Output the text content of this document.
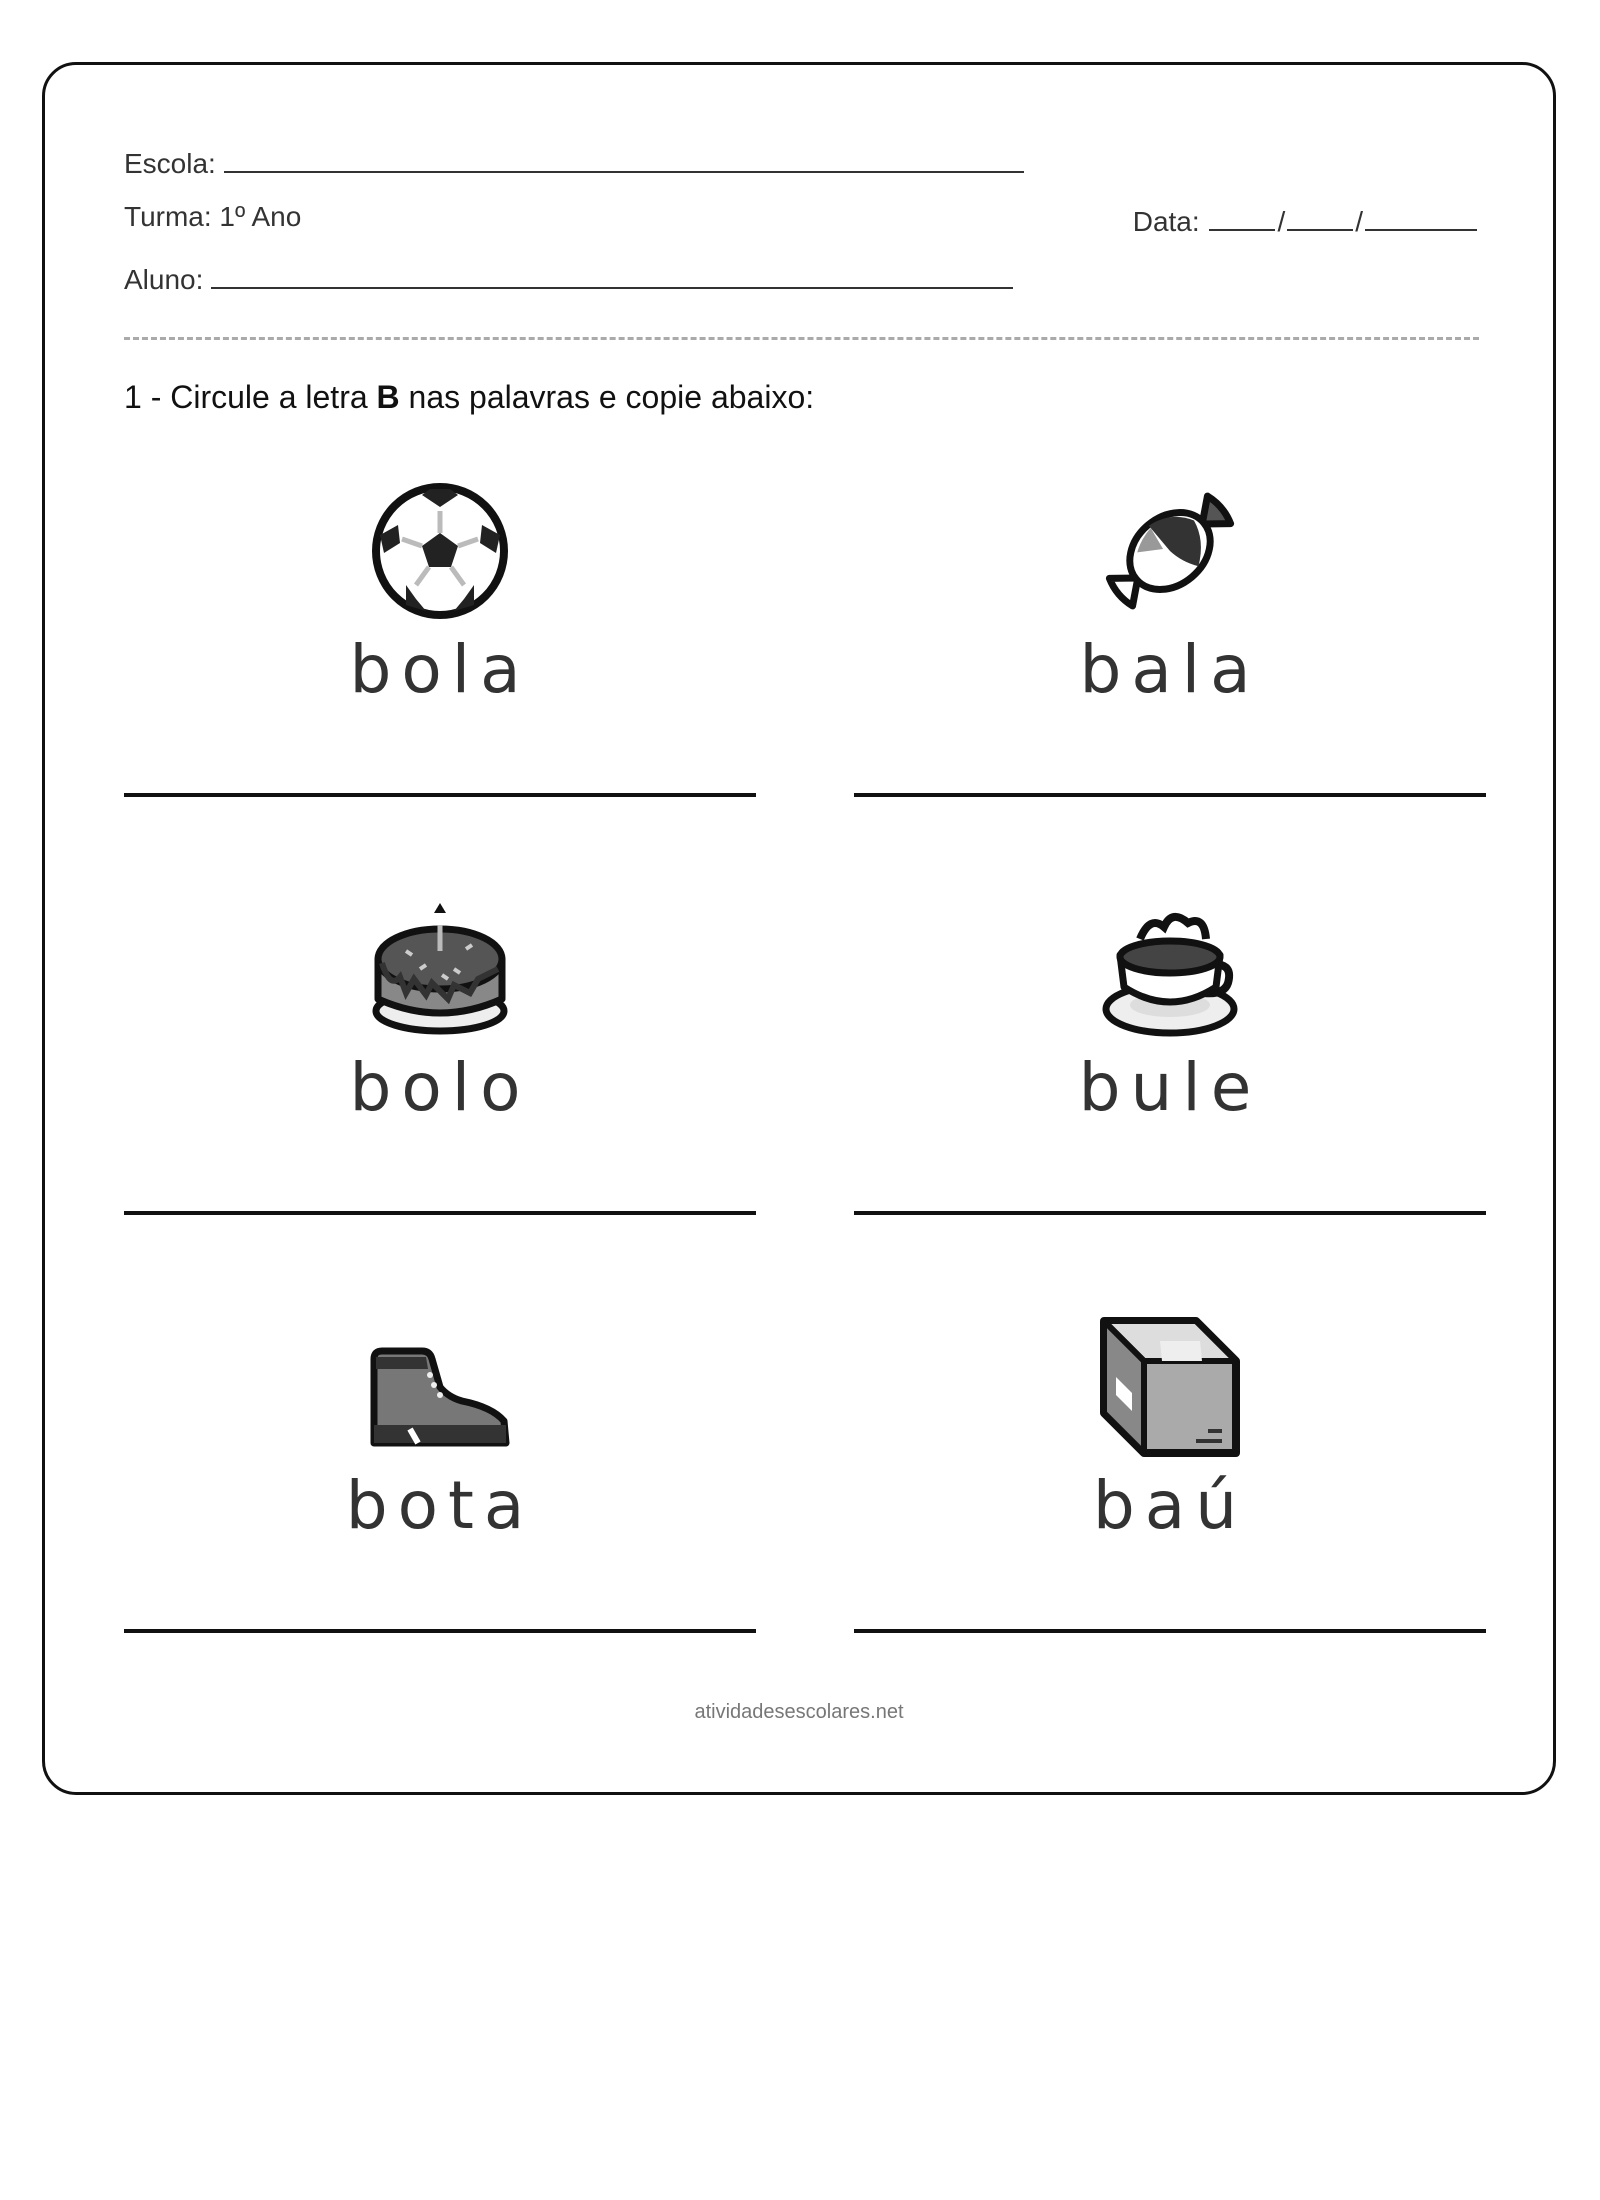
Escola:
Turma: 1º Ano	Data:	/	/
Aluno:
1 - Circule a letra B nas palavras e copie abaixo:
bola	bala
bolo	bule
bota	baú
atividadesescolares.net
